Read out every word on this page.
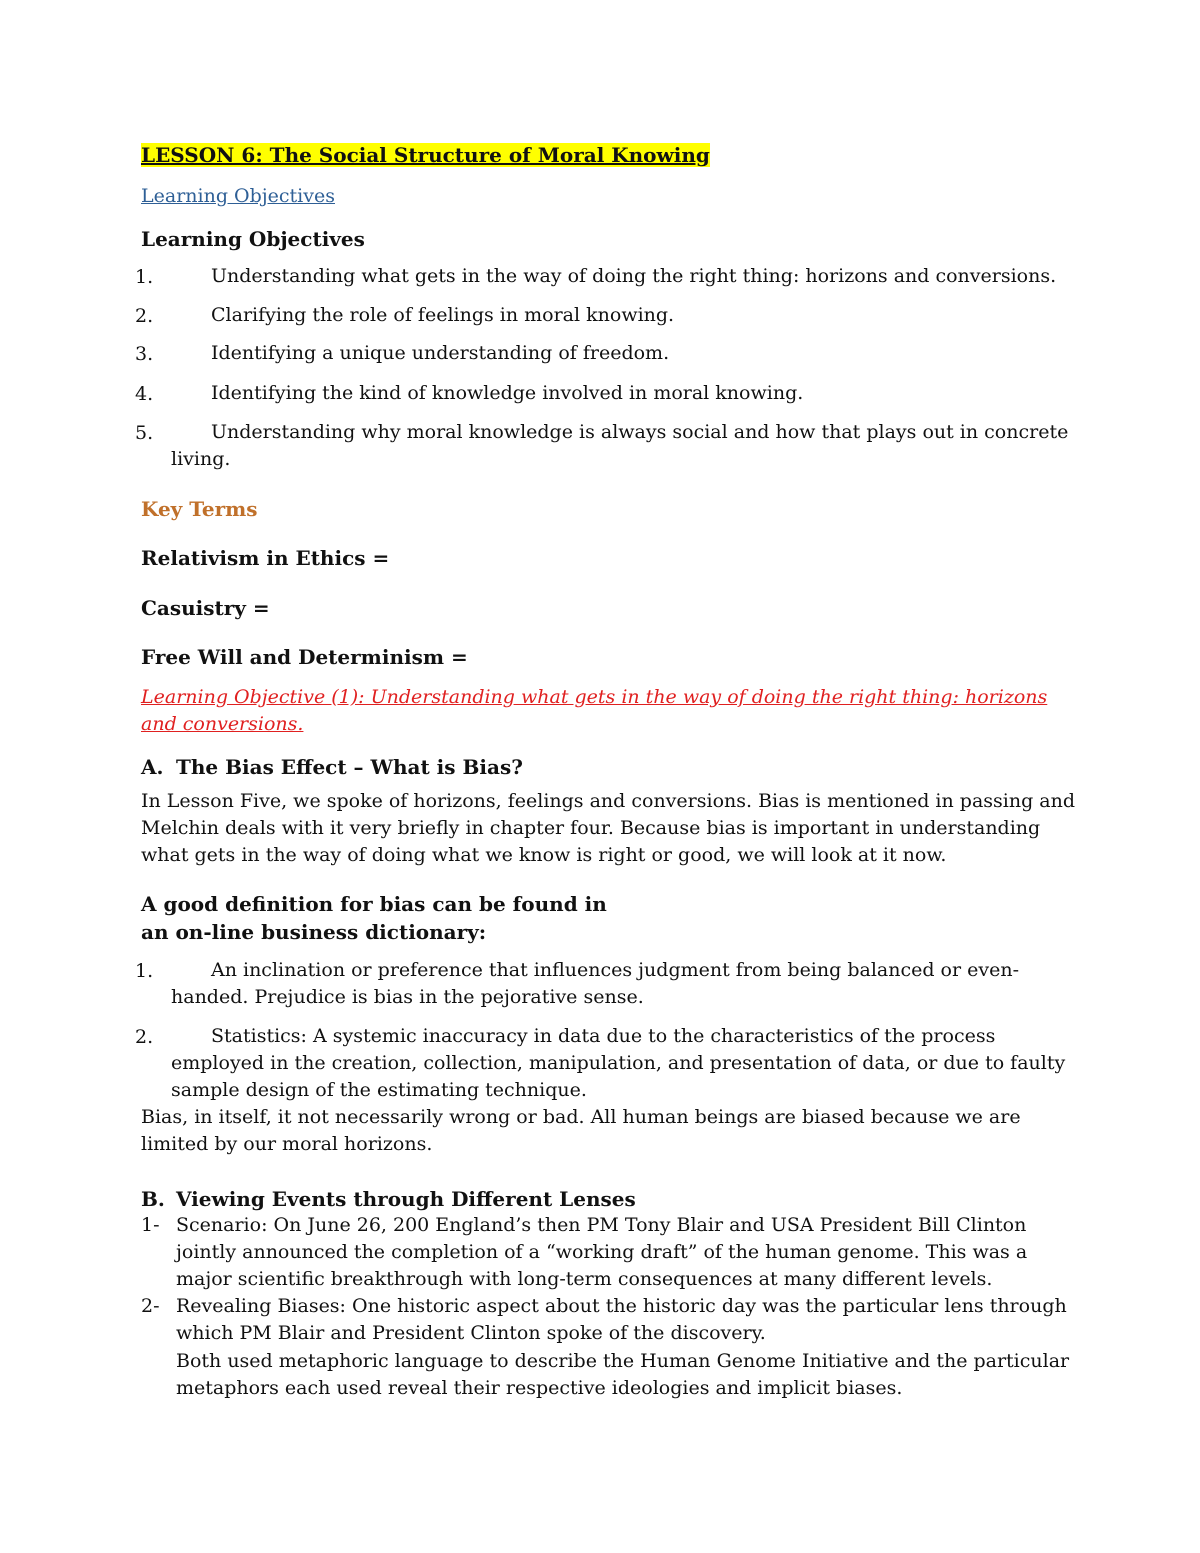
LESSON 6: The Social Structure of Moral Knowing
Learning Objectives
Learning Objectives
1.	Understanding what gets in the way of doing the right thing: horizons and conversions.
2.	Clarifying the role of feelings in moral knowing.
3.	Identifying a unique understanding of freedom.
4.	Identifying the kind of knowledge involved in moral knowing.
5.	Understanding why moral knowledge is always social and how that plays out in concrete
living.
Key Terms
Relativism in Ethics =
Casuistry =
Free Will and Determinism =
Learning Objective (1): Understanding what gets in the way of doing the right thing: horizons
and conversions.
A. The Bias Effect – What is Bias?
In Lesson Five, we spoke of horizons, feelings and conversions. Bias is mentioned in passing and
Melchin deals with it very briefly in chapter four. Because bias is important in understanding
what gets in the way of doing what we know is right or good, we will look at it now.
A good definition for bias can be found in
an on-line business dictionary:
1.	An inclination or preference that influences judgment from being balanced or even-
handed. Prejudice is bias in the pejorative sense.
2.	Statistics: A systemic inaccuracy in data due to the characteristics of the process
employed in the creation, collection, manipulation, and presentation of data, or due to faulty
sample design of the estimating technique.
Bias, in itself, it not necessarily wrong or bad. All human beings are biased because we are
limited by our moral horizons.
B. Viewing Events through Different Lenses
1- Scenario: On June 26, 200 England’s then PM Tony Blair and USA President Bill Clinton
jointly announced the completion of a “working draft” of the human genome. This was a
major scientific breakthrough with long-term consequences at many different levels.
2- Revealing Biases: One historic aspect about the historic day was the particular lens through
which PM Blair and President Clinton spoke of the discovery.
Both used metaphoric language to describe the Human Genome Initiative and the particular
metaphors each used reveal their respective ideologies and implicit biases.
